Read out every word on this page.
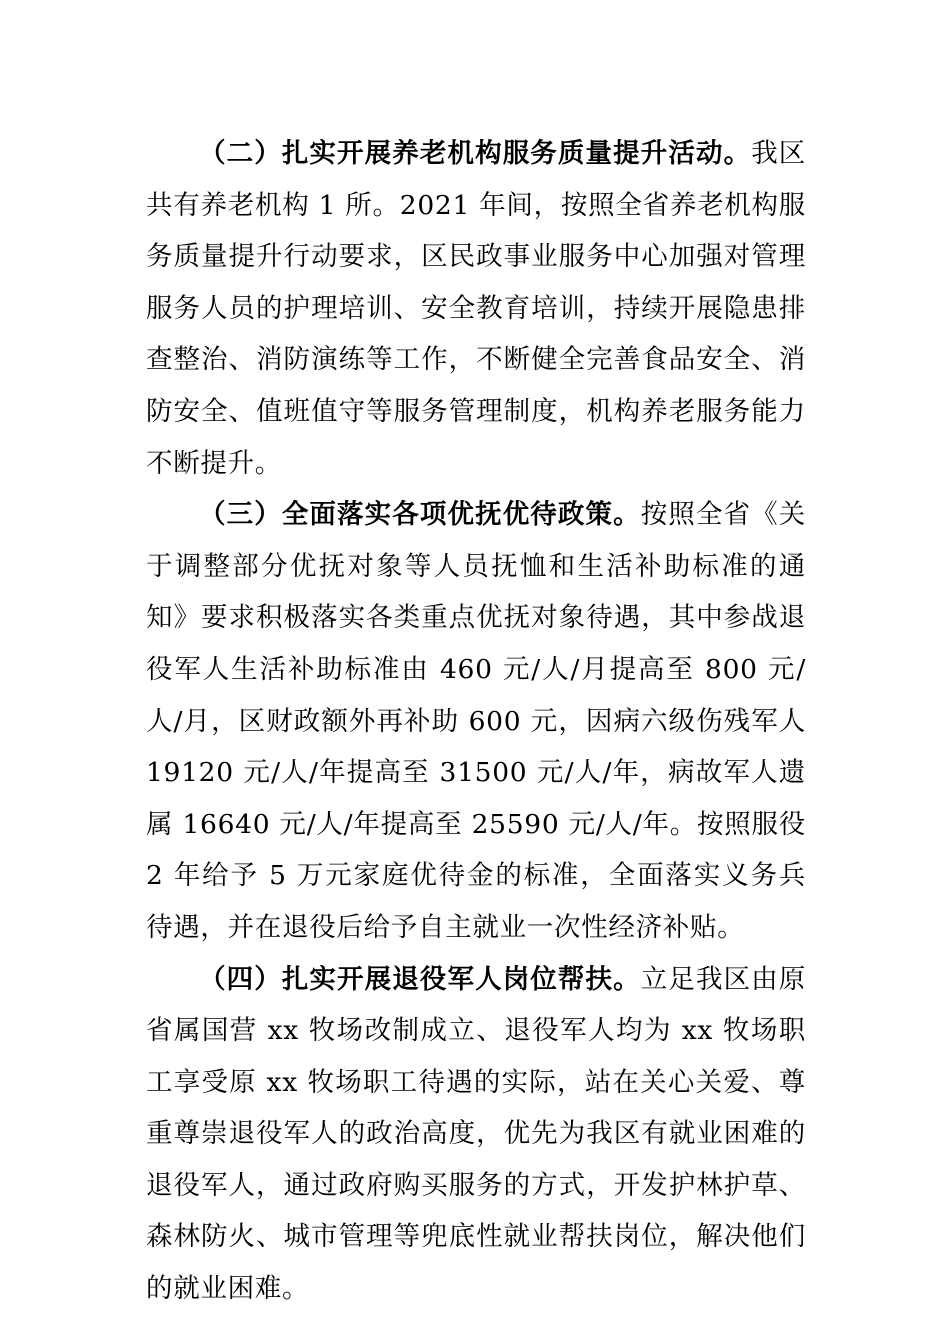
（二）扎实开展养老机构服务质量提升活动。我区共有养老机构 1 所。2021 年间，按照全省养老机构服务质量提升行动要求，区民政事业服务中心加强对管理服务人员的护理培训、安全教育培训，持续开展隐患排查整治、消防演练等工作，不断健全完善食品安全、消防安全、值班值守等服务管理制度，机构养老服务能力不断提升。

（三）全面落实各项优抚优待政策。按照全省《关于调整部分优抚对象等人员抚恤和生活补助标准的通知》要求积极落实各类重点优抚对象待遇，其中参战退役军人生活补助标准由 460 元/人/月提高至 800 元/人/月，区财政额外再补助 600 元，因病六级伤残军人 19120 元/人/年提高至 31500 元/人/年，病故军人遗属 16640 元/人/年提高至 25590 元/人/年。按照服役 2 年给予 5 万元家庭优待金的标准，全面落实义务兵待遇，并在退役后给予自主就业一次性经济补贴。

（四）扎实开展退役军人岗位帮扶。立足我区由原省属国营 xx 牧场改制成立、退役军人均为 xx 牧场职工享受原 xx 牧场职工待遇的实际，站在关心关爱、尊重尊崇退役军人的政治高度，优先为我区有就业困难的退役军人，通过政府购买服务的方式，开发护林护草、森林防火、城市管理等兜底性就业帮扶岗位，解决他们的就业困难。
